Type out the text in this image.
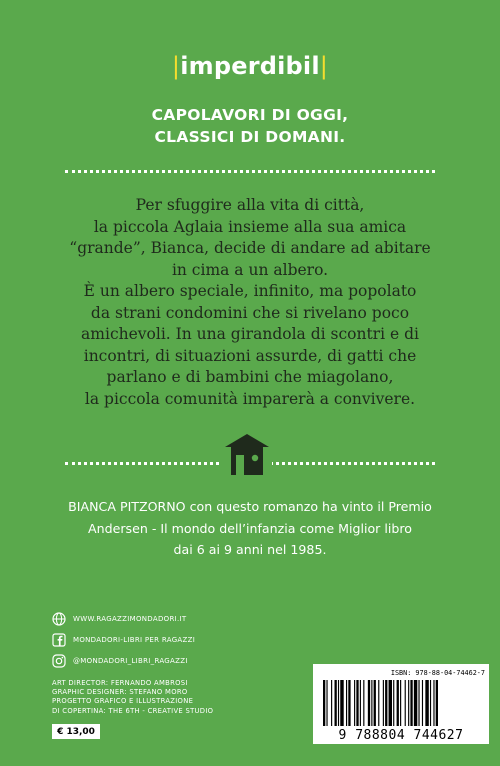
|imperdibil|
CAPOLAVORI DI OGGI,
CLASSICI DI DOMANI.
Per sfuggire alla vita di città,
la piccola Aglaia insieme alla sua amica
“grande”, Bianca, decide di andare ad abitare
in cima a un albero.
È un albero speciale, infinito, ma popolato
da strani condomini che si rivelano poco
amichevoli. In una girandola di scontri e di
incontri, di situazioni assurde, di gatti che
parlano e di bambini che miagolano,
la piccola comunità imparerà a convivere.
BIANCA PITZORNO con questo romanzo ha vinto il Premio
Andersen - Il mondo dell’infanzia come Miglior libro
dai 6 ai 9 anni nel 1985.
WWW.RAGAZZIMONDADORI.IT
MONDADORI-LIBRI PER RAGAZZI
@MONDADORI_LIBRI_RAGAZZI
ART DIRECTOR: FERNANDO AMBROSI
GRAPHIC DESIGNER: STEFANO MORO
PROGETTO GRAFICO E ILLUSTRAZIONE
DI COPERTINA: THE 6TH - CREATIVE STUDIO
€ 13,00
ISBN: 978-88-04-74462-7
9 788804 744627
